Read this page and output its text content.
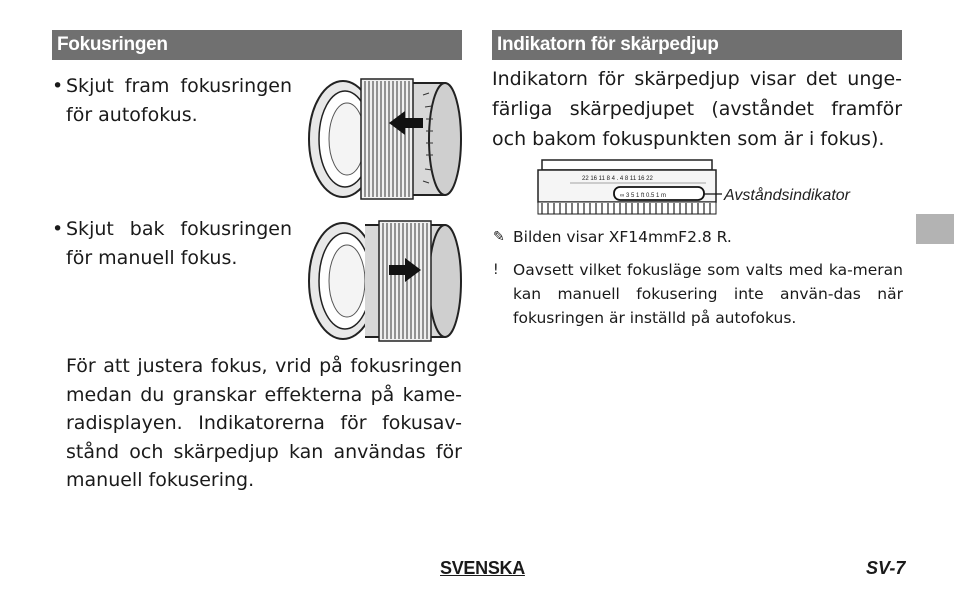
Fokusringen	Indikatorn för skärpedjup
• Skjut fram fokusringen för autofokus.
• Skjut bak fokusringen för manuell fokus.
För att justera fokus, vrid på fokusringen medan du granskar effekterna på kame-radisplayen. Indikatorerna för fokusav-stånd och skärpedjup kan användas för manuell fokusering.
Indikatorn för skärpedjup visar det unge-färliga skärpedjupet (avståndet framför och bakom fokuspunkten som är i fokus).
22 16 11 8 4 . 4 8 11 16 22
∞ 3 5 1 ft 0.5 1 m	Avståndsindikator
✎ Bilden visar XF14mmF2.8 R.
! Oavsett vilket fokusläge som valts med ka-meran kan manuell fokusering inte använ-das när fokusringen är inställd på autofokus.
SVENSKA	SV-7
